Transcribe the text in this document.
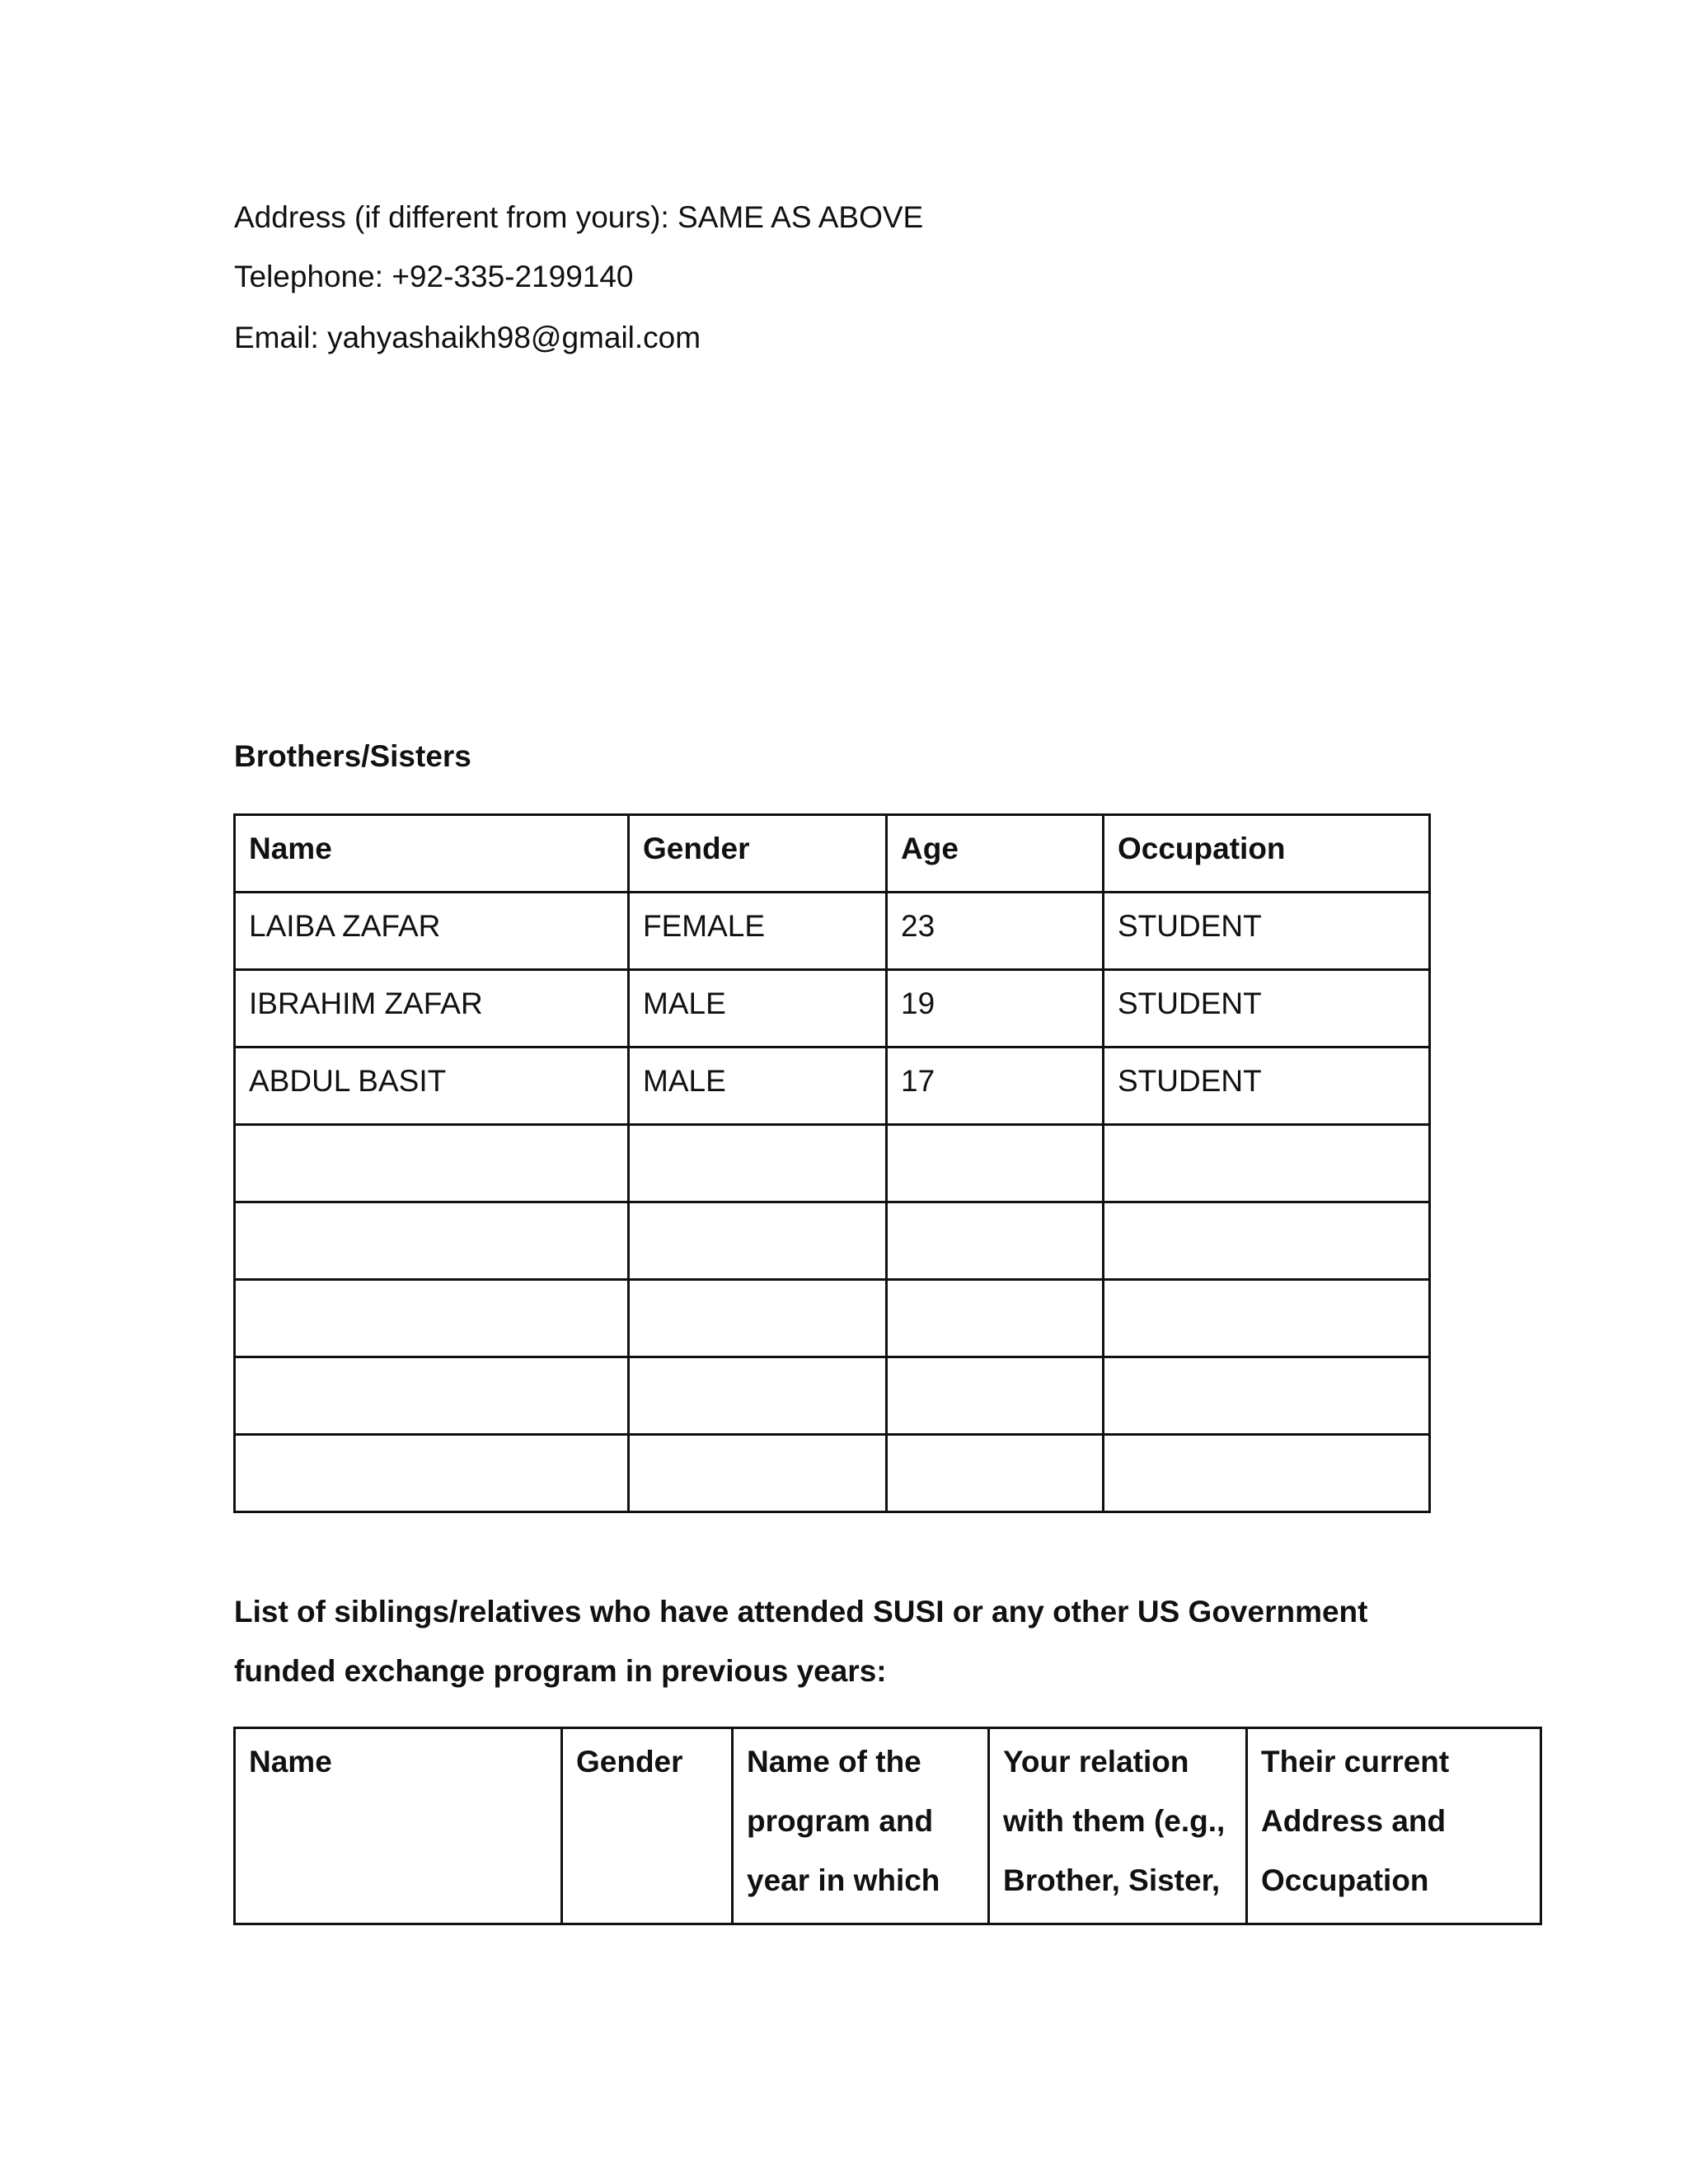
Address (if different from yours): SAME AS ABOVE
Telephone: +92-335-2199140
Email: yahyashaikh98@gmail.com
Brothers/Sisters
Name	Gender	Age	Occupation
LAIBA ZAFAR	FEMALE	23	STUDENT
IBRAHIM ZAFAR	MALE	19	STUDENT
ABDUL BASIT	MALE	17	STUDENT

List of siblings/relatives who have attended SUSI or any other US Government funded exchange program in previous years:
Name	Gender	Name of the program and year in which	Your relation with them (e.g., Brother, Sister,	Their current Address and Occupation
